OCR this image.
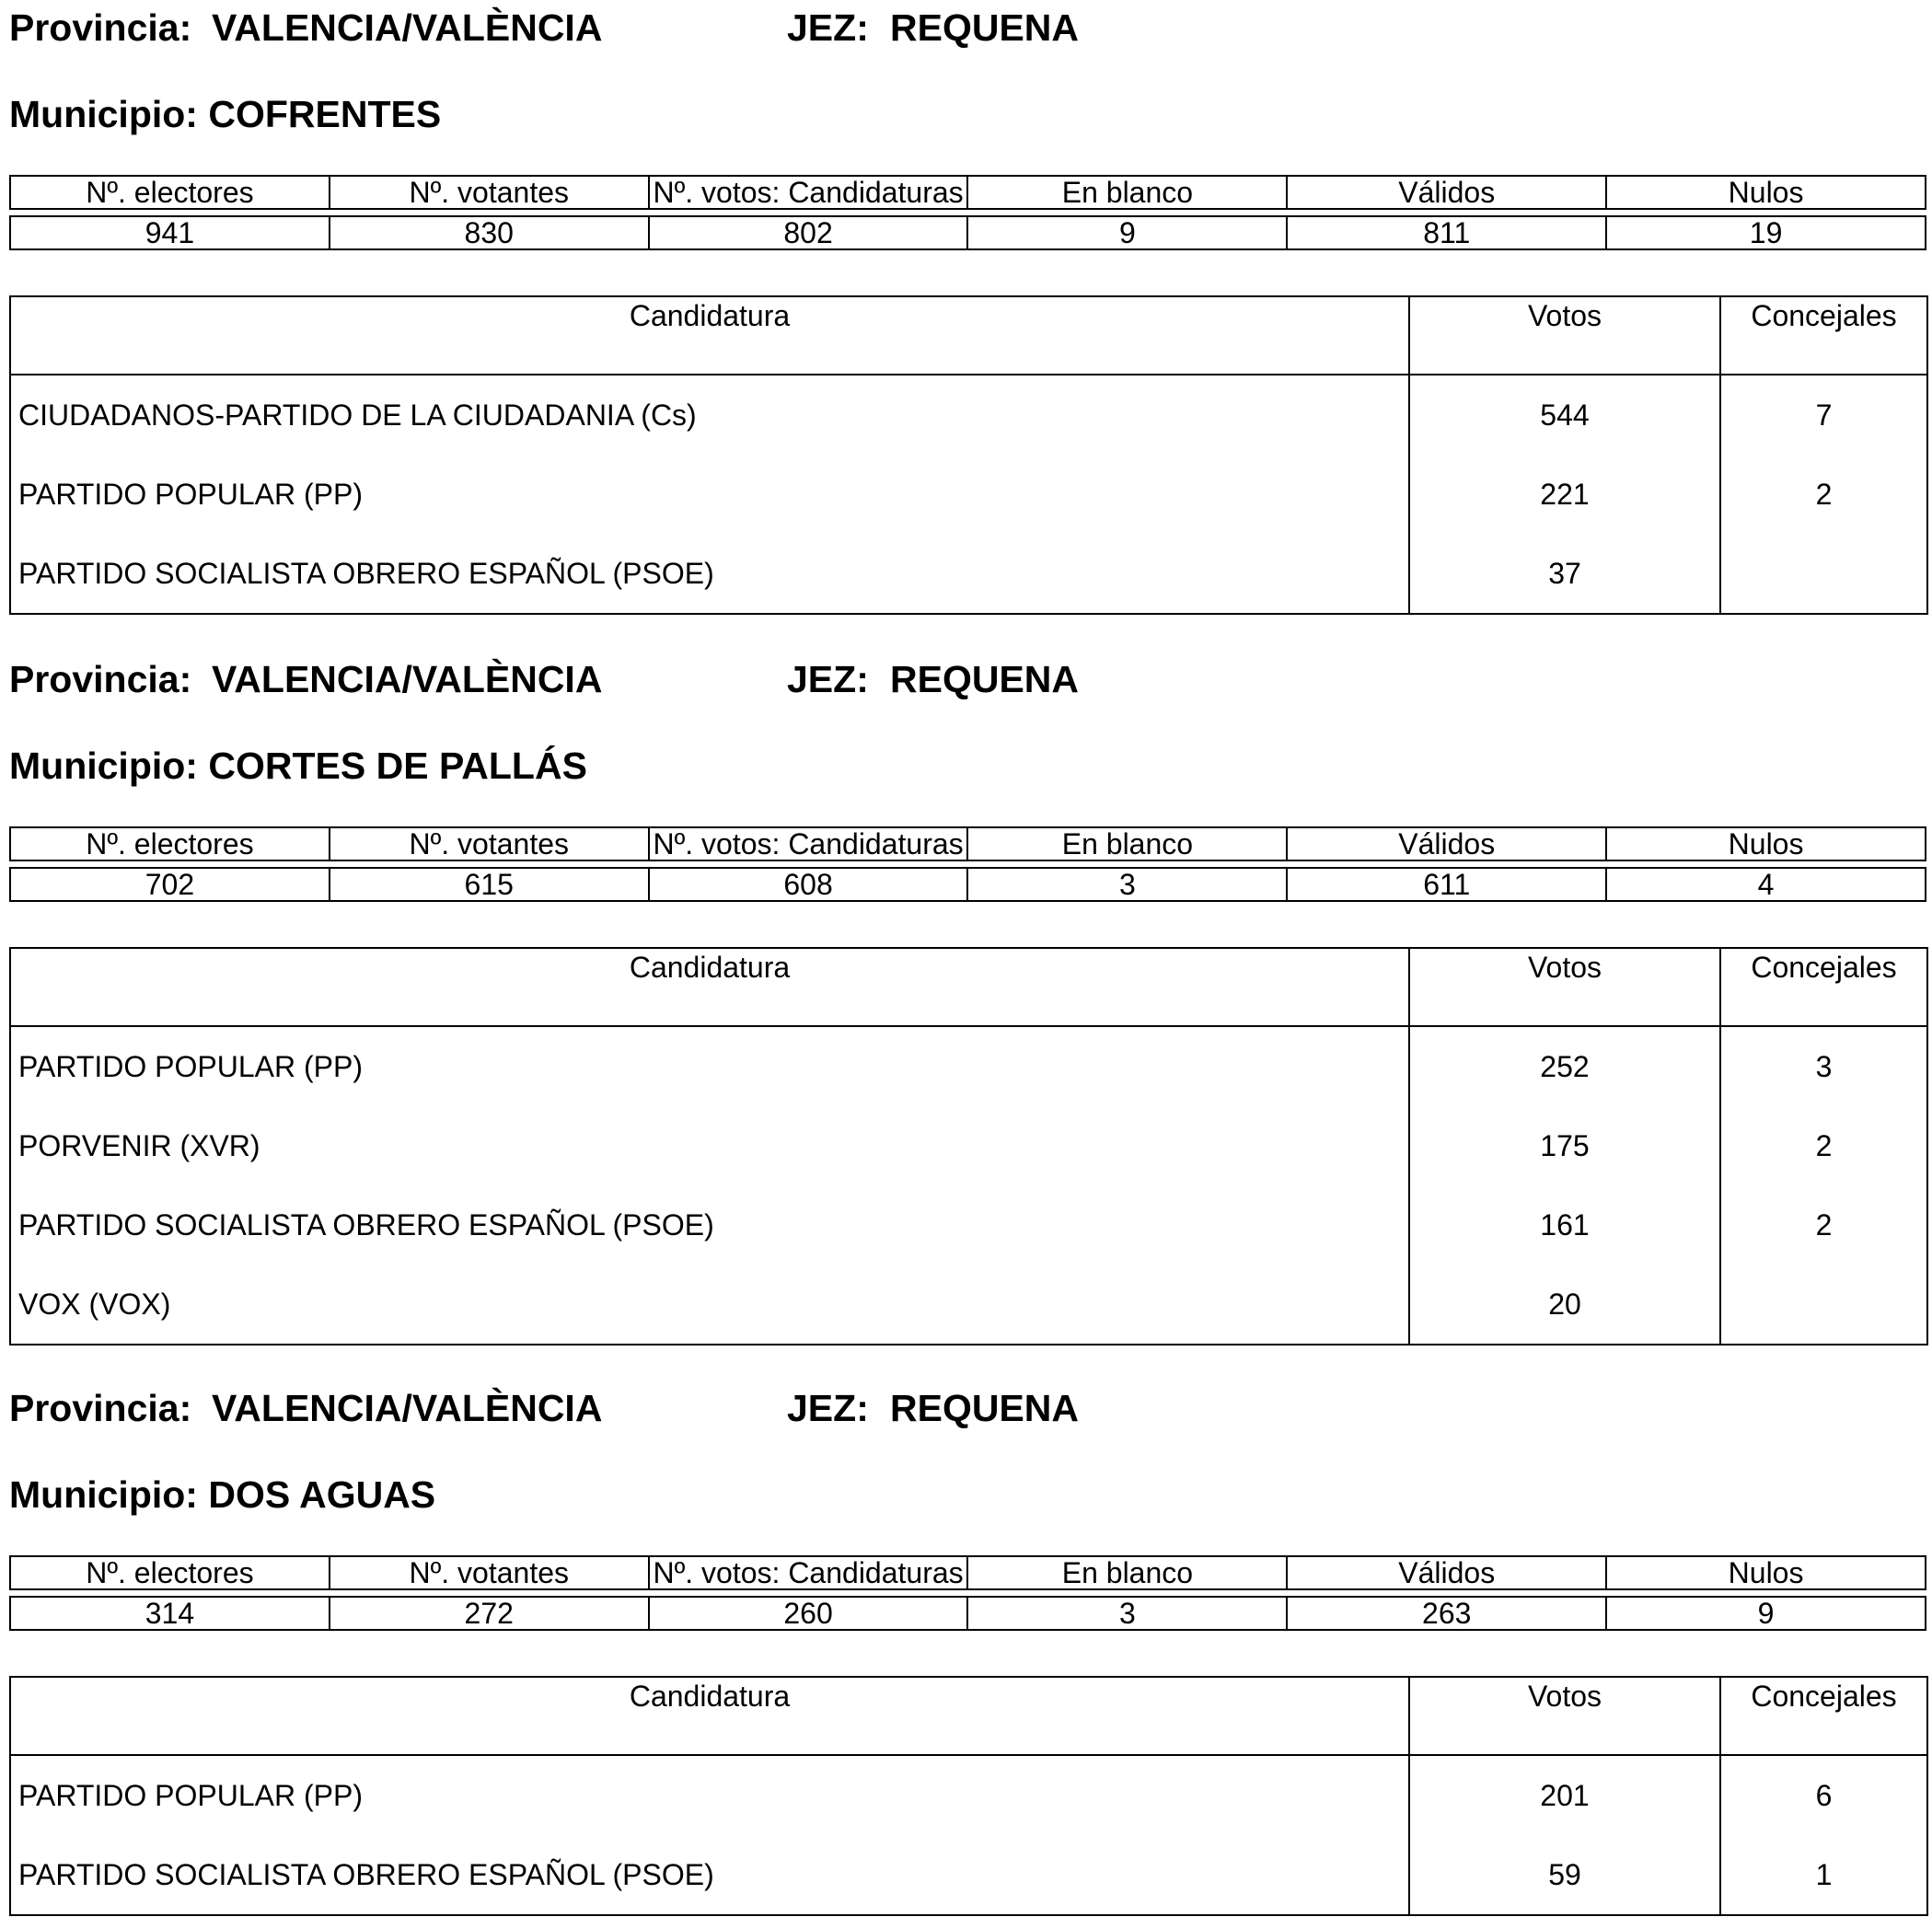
Provincia: VALENCIA/VALÈNCIA	JEZ: REQUENA
Municipio: COFRENTES
Nº. electores	Nº. votantes	Nº. votos: Candidaturas	En blanco	Válidos	Nulos
941	830	802	9	811	19
Candidatura	Votos	Concejales
CIUDADANOS-PARTIDO DE LA CIUDADANIA (Cs)	544	7
PARTIDO POPULAR (PP)	221	2
PARTIDO SOCIALISTA OBRERO ESPAÑOL (PSOE)	37	
Provincia: VALENCIA/VALÈNCIA	JEZ: REQUENA
Municipio: CORTES DE PALLÁS
Nº. electores	Nº. votantes	Nº. votos: Candidaturas	En blanco	Válidos	Nulos
702	615	608	3	611	4
Candidatura	Votos	Concejales
PARTIDO POPULAR (PP)	252	3
PORVENIR (XVR)	175	2
PARTIDO SOCIALISTA OBRERO ESPAÑOL (PSOE)	161	2
VOX (VOX)	20	
Provincia: VALENCIA/VALÈNCIA	JEZ: REQUENA
Municipio: DOS AGUAS
Nº. electores	Nº. votantes	Nº. votos: Candidaturas	En blanco	Válidos	Nulos
314	272	260	3	263	9
Candidatura	Votos	Concejales
PARTIDO POPULAR (PP)	201	6
PARTIDO SOCIALISTA OBRERO ESPAÑOL (PSOE)	59	1
